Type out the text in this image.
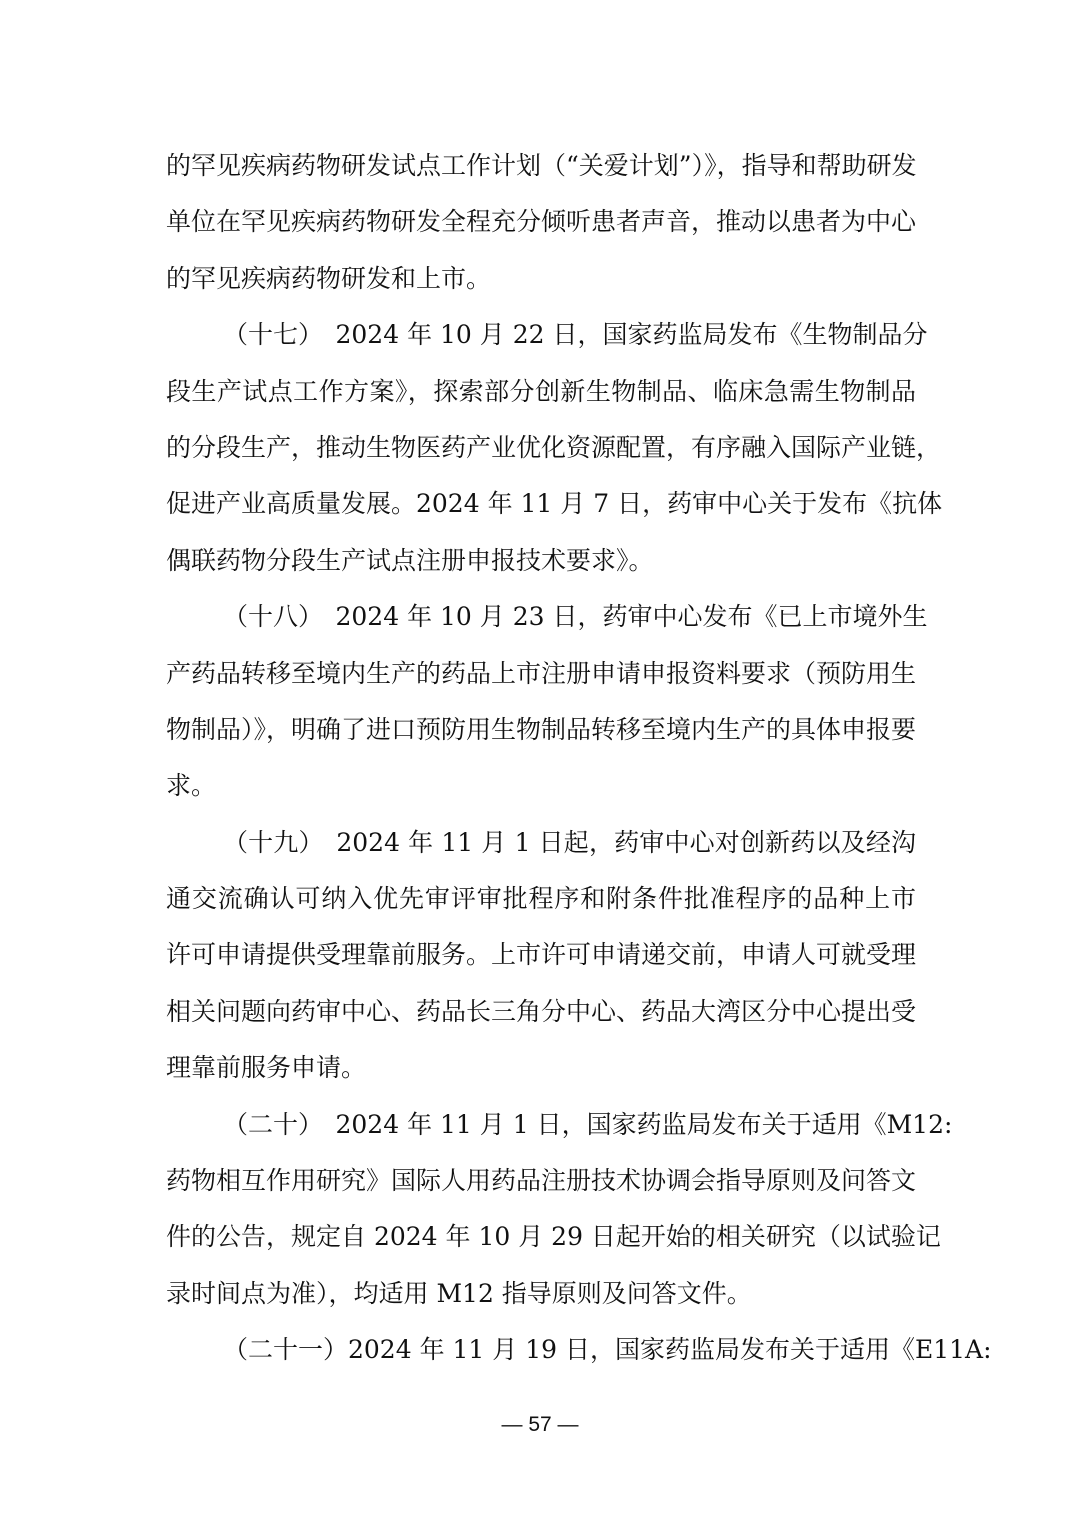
的罕见疾病药物研发试点工作计划（“关爱计划”）》，指导和帮助研发
单位在罕见疾病药物研发全程充分倾听患者声音，推动以患者为中心
的罕见疾病药物研发和上市。
（十七）　2024 年 10 月 22 日，国家药监局发布《生物制品分
段生产试点工作方案》，探索部分创新生物制品、临床急需生物制品
的分段生产，推动生物医药产业优化资源配置，有序融入国际产业链，
促进产业高质量发展。2024 年 11 月 7 日，药审中心关于发布《抗体
偶联药物分段生产试点注册申报技术要求》。
（十八）　2024 年 10 月 23 日，药审中心发布《已上市境外生
产药品转移至境内生产的药品上市注册申请申报资料要求（预防用生
物制品）》，明确了进口预防用生物制品转移至境内生产的具体申报要
求。
（十九）　2024 年 11 月 1 日起，药审中心对创新药以及经沟
通交流确认可纳入优先审评审批程序和附条件批准程序的品种上市
许可申请提供受理靠前服务。上市许可申请递交前，申请人可就受理
相关问题向药审中心、药品长三角分中心、药品大湾区分中心提出受
理靠前服务申请。
（二十）　2024 年 11 月 1 日，国家药监局发布关于适用《M12:
药物相互作用研究》国际人用药品注册技术协调会指导原则及问答文
件的公告，规定自 2024 年 10 月 29 日起开始的相关研究（以试验记
录时间点为准），均适用 M12 指导原则及问答文件。
（二十一）2024 年 11 月 19 日，国家药监局发布关于适用《E11A:
— 57 —
